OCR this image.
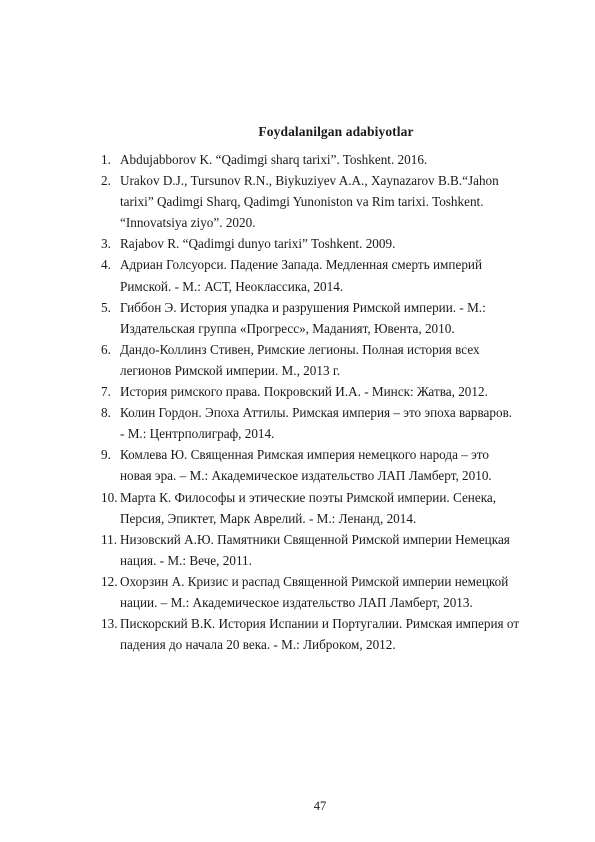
Foydalanilgan adabiyotlar
1. Abdujabborov K. “Qadimgi sharq tarixi”. Toshkent. 2016.
2. Urakov D.J., Tursunov R.N., Biykuziyev A.A., Xaynazarov B.B.“Jahon
tarixi” Qadimgi Sharq, Qadimgi Yunoniston va Rim tarixi. Toshkent.
“Innovatsiya ziyo”. 2020.
3. Rajabov R. “Qadimgi dunyo tarixi” Toshkent. 2009.
4. Адриан Голсуорси. Падение Запада. Медленная смерть империй
Римской. - М.: АСТ, Неоклассика, 2014.
5. Гиббон Э. История упадка и разрушения Римской империи. - М.:
Издательская группа «Прогресс», Маданият, Ювента, 2010.
6. Дандо-Коллинз Стивен, Римские легионы. Полная история всех
легионов Римской империи. М., 2013 г.
7. История римского права. Покровский И.А. - Минск: Жатва, 2012.
8. Колин Гордон. Эпоха Аттилы. Римская империя – это эпоха варваров.
- М.: Центрполиграф, 2014.
9. Комлева Ю. Священная Римская империя немецкого народа – это
новая эра. – М.: Академическое издательство ЛАП Ламберт, 2010.
10. Марта К. Философы и этические поэты Римской империи. Сенека,
Персия, Эпиктет, Марк Аврелий. - М.: Ленанд, 2014.
11. Низовский А.Ю. Памятники Священной Римской империи Немецкая
нация. - М.: Вече, 2011.
12. Охорзин А. Кризис и распад Священной Римской империи немецкой
нации. – М.: Академическое издательство ЛАП Ламберт, 2013.
13. Пискорский В.К. История Испании и Португалии. Римская империя от
падения до начала 20 века. - М.: Либроком, 2012.
47
